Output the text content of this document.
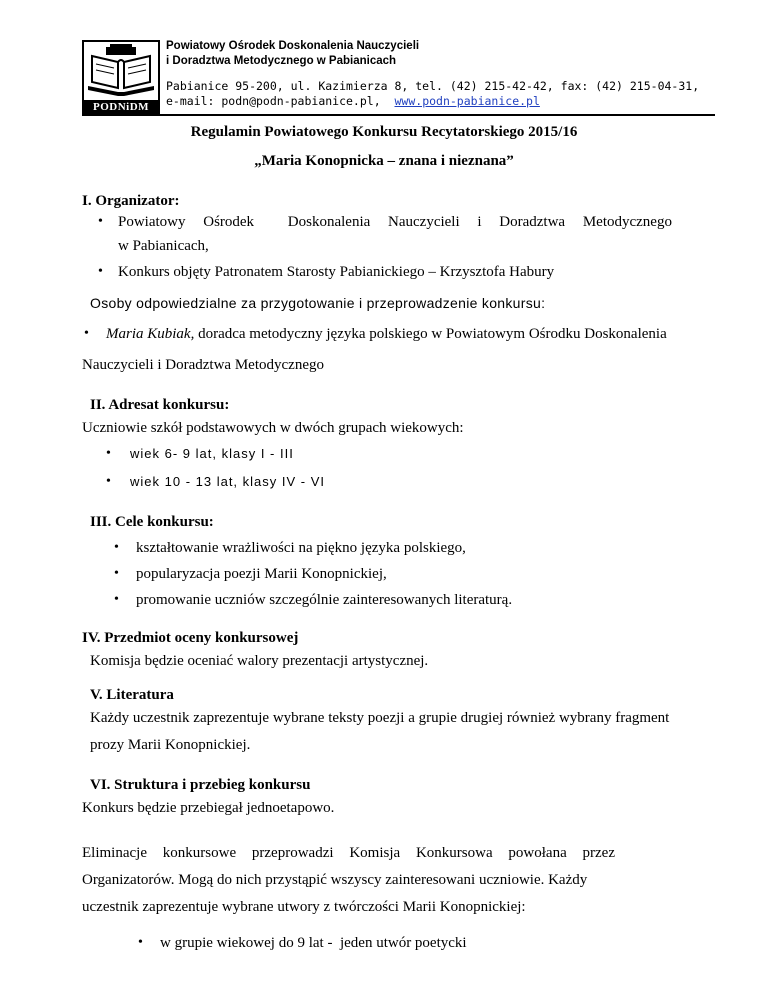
PODNiDM
Powiatowy Ośrodek Doskonalenia Nauczycieli
i Doradztwa Metodycznego w Pabianicach
Pabianice 95-200, ul. Kazimierza 8, tel. (42) 215-42-42, fax: (42) 215-04-31,
e-mail: podn@podn-pabianice.pl, www.podn-pabianice.pl
Regulamin Powiatowego Konkursu Recytatorskiego 2015/16
„Maria Konopnicka – znana i nieznana”
I. Organizator:
• Powiatowy Ośrodek Doskonalenia Nauczycieli i Doradztwa Metodycznego
w Pabianicach,
• Konkurs objęty Patronatem Starosty Pabianickiego – Krzysztofa Habury
Osoby odpowiedzialne za przygotowanie i przeprowadzenie konkursu:
• Maria Kubiak, doradca metodyczny języka polskiego w Powiatowym Ośrodku Doskonalenia
Nauczycieli i Doradztwa Metodycznego
II. Adresat konkursu:
Uczniowie szkół podstawowych w dwóch grupach wiekowych:
• wiek 6- 9 lat, klasy I - III
• wiek 10 - 13 lat, klasy IV - VI
III. Cele konkursu:
• kształtowanie wrażliwości na piękno języka polskiego,
• popularyzacja poezji Marii Konopnickiej,
• promowanie uczniów szczególnie zainteresowanych literaturą.
IV. Przedmiot oceny konkursowej
Komisja będzie oceniać walory prezentacji artystycznej.
V. Literatura
Każdy uczestnik zaprezentuje wybrane teksty poezji a grupie drugiej również wybrany fragment
prozy Marii Konopnickiej.
VI. Struktura i przebieg konkursu
Konkurs będzie przebiegał jednoetapowo.
Eliminacje konkursowe przeprowadzi Komisja Konkursowa powołana przez
Organizatorów. Mogą do nich przystąpić wszyscy zainteresowani uczniowie. Każdy
uczestnik zaprezentuje wybrane utwory z twórczości Marii Konopnickiej:
• w grupie wiekowej do 9 lat -  jeden utwór poetycki
